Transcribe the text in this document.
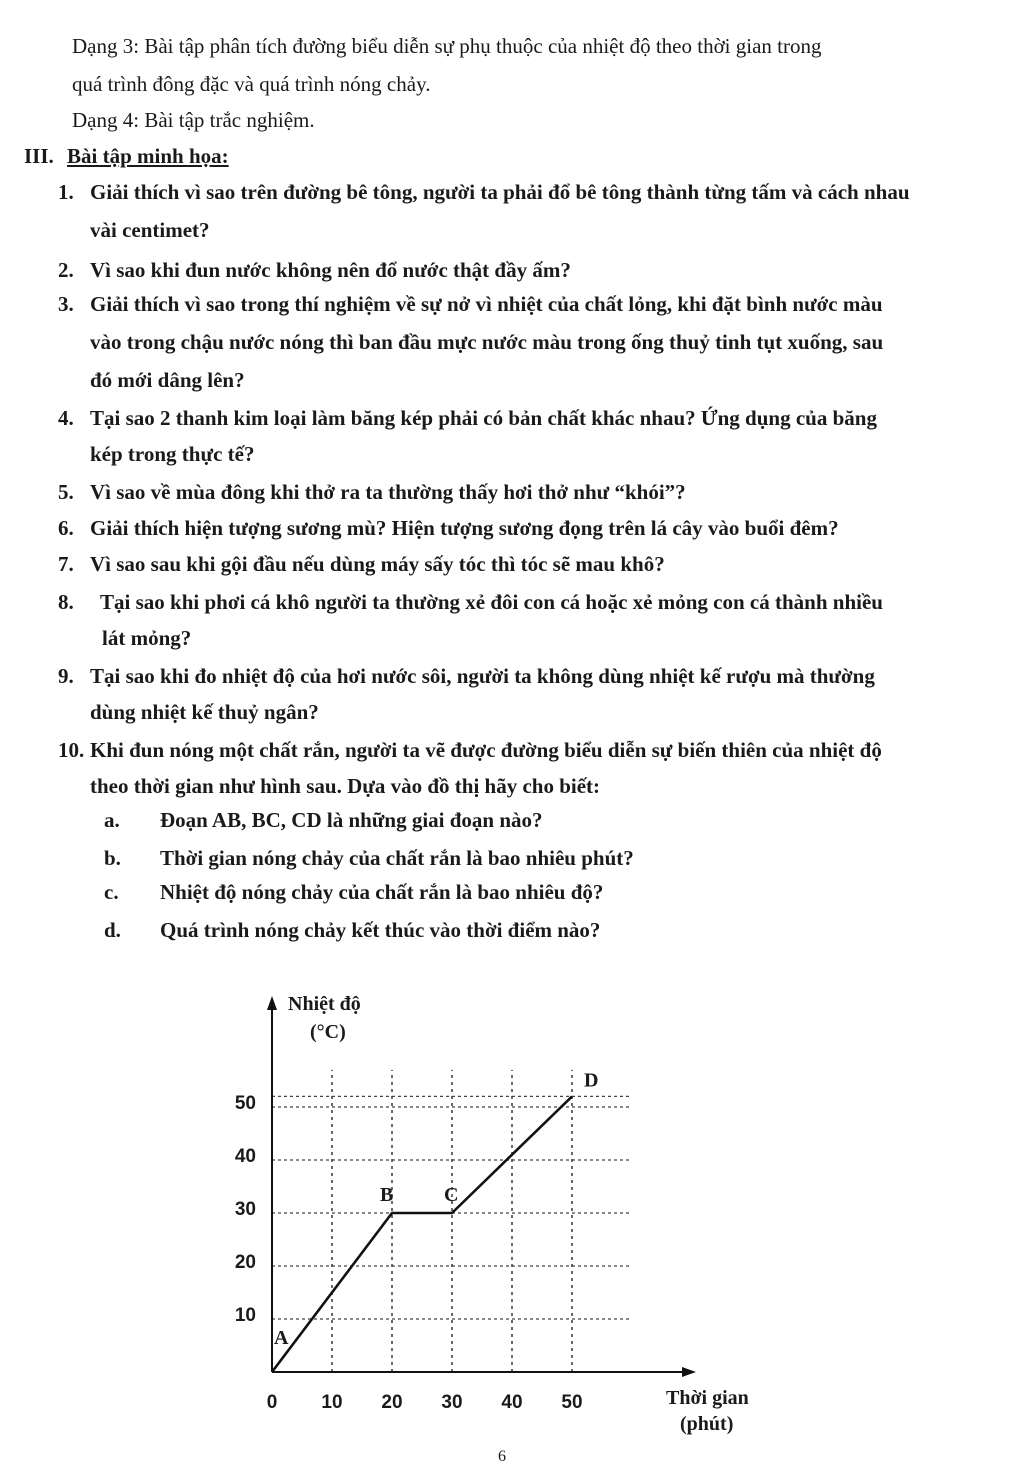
Dạng 3: Bài tập phân tích đường biểu diễn sự phụ thuộc của nhiệt độ theo thời gian trong
quá trình đông đặc và quá trình nóng chảy.
Dạng 4: Bài tập trắc nghiệm.
III. Bài tập minh họa:
1. Giải thích vì sao trên đường bê tông, người ta phải đổ bê tông thành từng tấm và cách nhau
vài centimet?
2. Vì sao khi đun nước không nên đổ nước thật đầy ấm?
3. Giải thích vì sao trong thí nghiệm về sự nở vì nhiệt của chất lỏng, khi đặt bình nước màu
vào trong chậu nước nóng thì ban đầu mực nước màu trong ống thuỷ tinh tụt xuống, sau
đó mới dâng lên?
4. Tại sao 2 thanh kim loại làm băng kép phải có bản chất khác nhau? Ứng dụng của băng
kép trong thực tế?
5. Vì sao về mùa đông khi thở ra ta thường thấy hơi thở như “khói”?
6. Giải thích hiện tượng sương mù? Hiện tượng sương đọng trên lá cây vào buổi đêm?
7. Vì sao sau khi gội đầu nếu dùng máy sấy tóc thì tóc sẽ mau khô?
8. Tại sao khi phơi cá khô người ta thường xẻ đôi con cá hoặc xẻ mỏng con cá thành nhiều
lát mỏng?
9. Tại sao khi đo nhiệt độ của hơi nước sôi, người ta không dùng nhiệt kế rượu mà thường
dùng nhiệt kế thuỷ ngân?
10. Khi đun nóng một chất rắn, người ta vẽ được đường biểu diễn sự biến thiên của nhiệt độ
theo thời gian như hình sau. Dựa vào đồ thị hãy cho biết:
a. Đoạn AB, BC, CD là những giai đoạn nào?
b. Thời gian nóng chảy của chất rắn là bao nhiêu phút?
c. Nhiệt độ nóng chảy của chất rắn là bao nhiêu độ?
d. Quá trình nóng chảy kết thúc vào thời điểm nào?
0 10 20 30 40 50
10
20
30
40
50
A
B	C
D
Nhiệt độ
(°C)
Thời gian
(phút)
6
